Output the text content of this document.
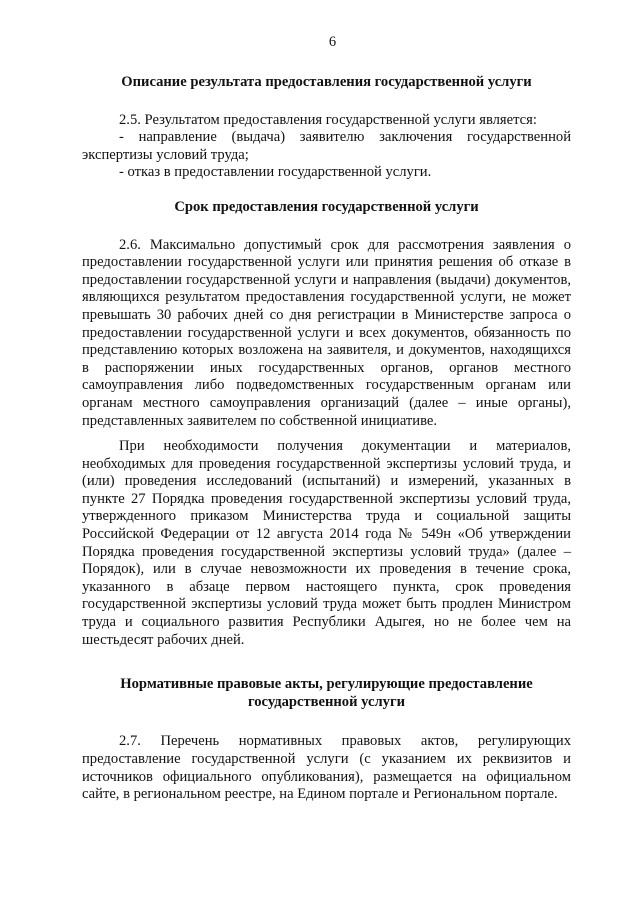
6

Описание результата предоставления государственной услуги

2.5. Результатом предоставления государственной услуги является:

- направление (выдача) заявителю заключения государственной экспертизы условий труда;

- отказ в предоставлении государственной услуги.

Срок предоставления государственной услуги

2.6. Максимально допустимый срок для рассмотрения заявления о предоставлении государственной услуги или принятия решения об отказе в предоставлении государственной услуги и направления (выдачи) документов, являющихся результатом предоставления государственной услуги, не может превышать 30 рабочих дней со дня регистрации в Министерстве запроса о предоставлении государственной услуги и всех документов, обязанность по представлению которых возложена на заявителя, и документов, находящихся в распоряжении иных государственных органов, органов местного самоуправления либо подведомственных государственным органам или органам местного самоуправления организаций (далее – иные органы), представленных заявителем по собственной инициативе.

При необходимости получения документации и материалов, необходимых для проведения государственной экспертизы условий труда, и (или) проведения исследований (испытаний) и измерений, указанных в пункте 27 Порядка проведения государственной экспертизы условий труда, утвержденного приказом Министерства труда и социальной защиты Российской Федерации от 12 августа 2014 года № 549н «Об утверждении Порядка проведения государственной экспертизы условий труда» (далее – Порядок), или в случае невозможности их проведения в течение срока, указанного в абзаце первом настоящего пункта, срок проведения государственной экспертизы условий труда может быть продлен Министром труда и социального развития Республики Адыгея, но не более чем на шестьдесят рабочих дней.

Нормативные правовые акты, регулирующие предоставление
государственной услуги

2.7. Перечень нормативных правовых актов, регулирующих предоставление государственной услуги (с указанием их реквизитов и источников официального опубликования), размещается на официальном сайте, в региональном реестре, на Едином портале и Региональном портале.
